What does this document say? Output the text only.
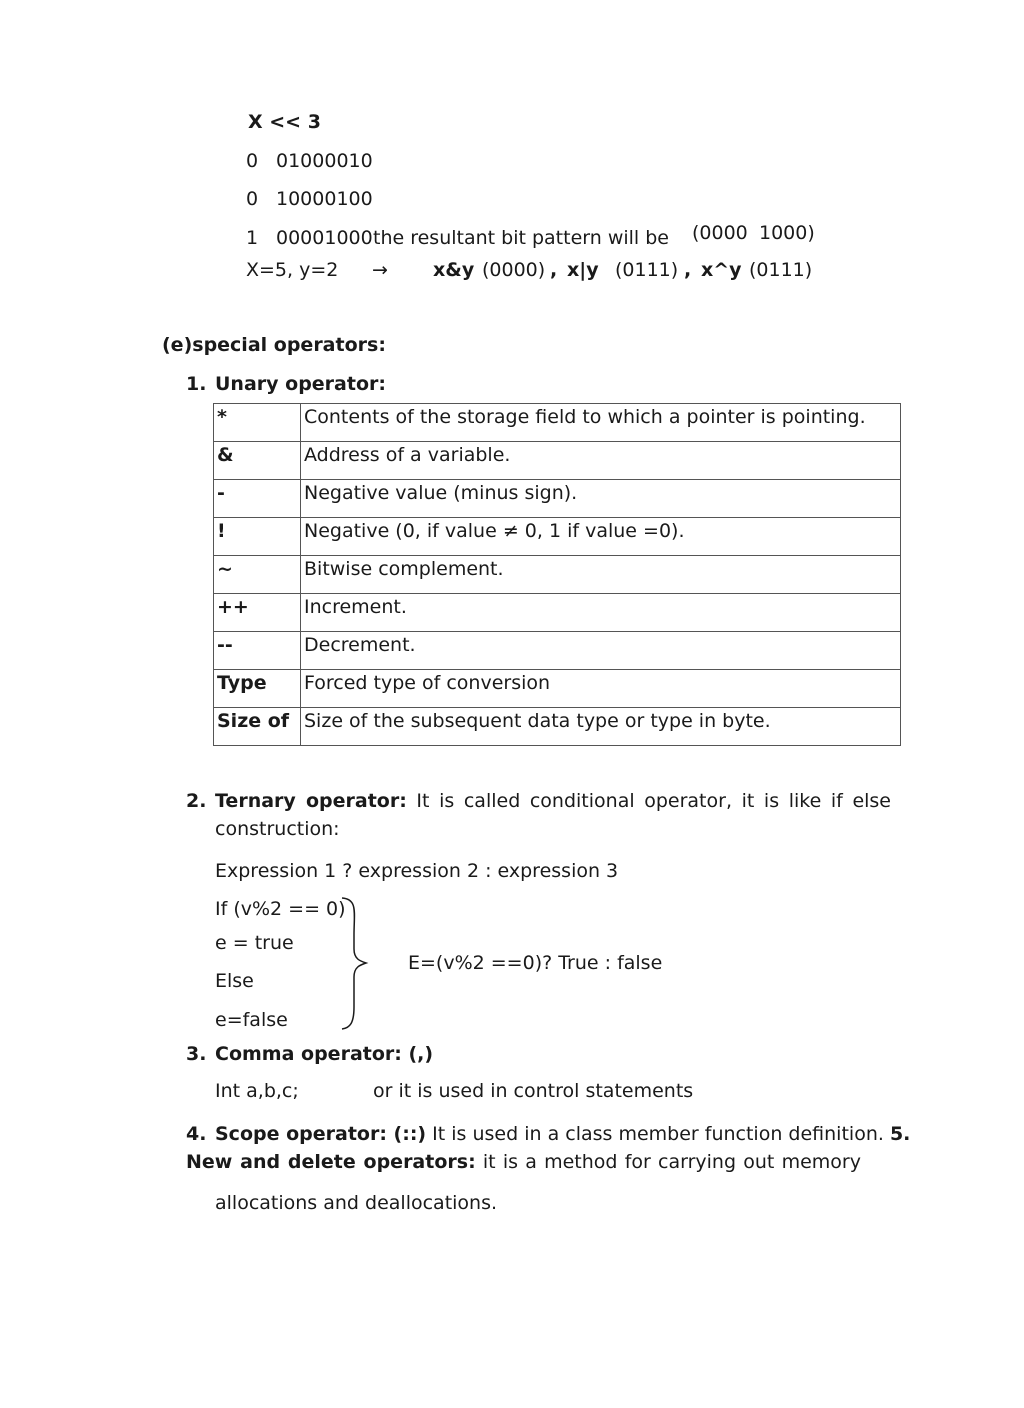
X << 3
0 01000010
0 10000100
1 00001000 the resultant bit pattern will be (0000 1000)
X=5, y=2 → x&y (0000) , x|y (0111) , x^y (0111)
(e)special operators:
1. Unary operator:
*	Contents of the storage field to which a pointer is pointing.
&	Address of a variable.
-	Negative value (minus sign).
!	Negative (0, if value ≠ 0, 1 if value =0).
~	Bitwise complement.
++	Increment.
--	Decrement.
Type	Forced type of conversion
Size of	Size of the subsequent data type or type in byte.
2. Ternary operator: It is called conditional operator, it is like if else
construction:
Expression 1 ? expression 2 : expression 3
If (v%2 == 0)
e = true
Else
e=false
E=(v%2 ==0)? True : false
3. Comma operator: (,)
Int a,b,c;	or it is used in control statements
4. Scope operator: (::) It is used in a class member function definition. 5.
New and delete operators: it is a method for carrying out memory
allocations and deallocations.
